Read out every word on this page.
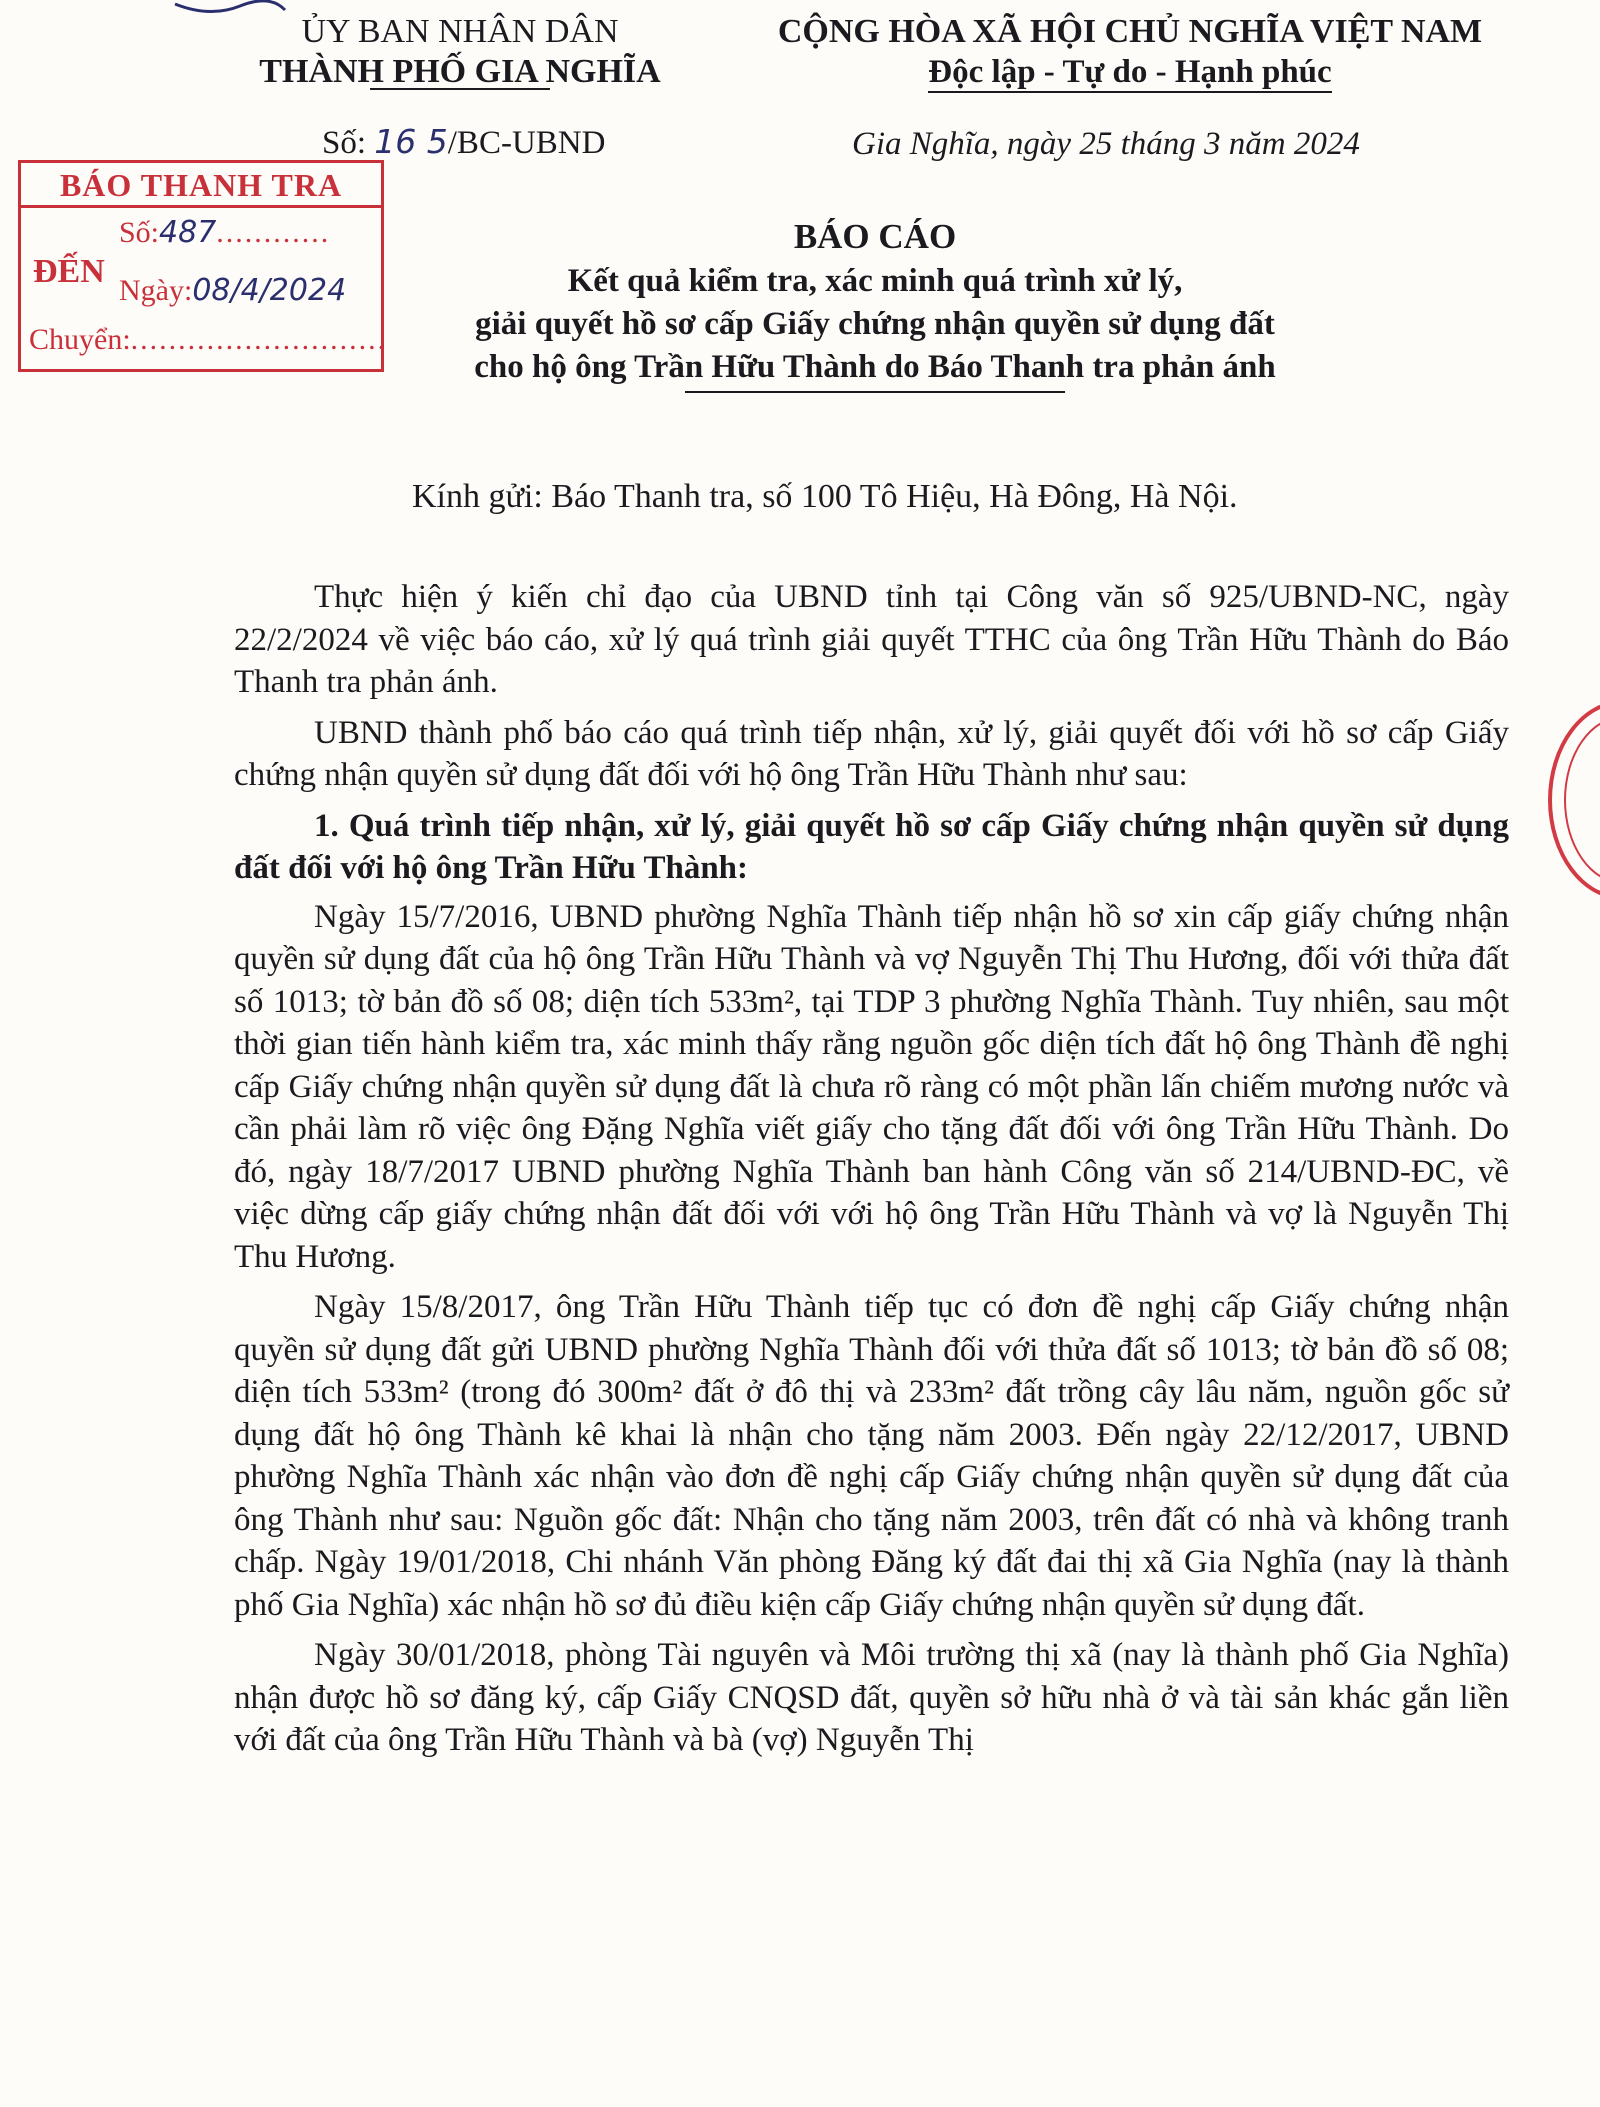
ỦY BAN NHÂN DÂN
THÀNH PHỐ GIA NGHĨA
CỘNG HÒA XÃ HỘI CHỦ NGHĨA VIỆT NAM
Độc lập - Tự do - Hạnh phúc
Số: 16 5/BC-UBND	Gia Nghĩa, ngày 25 tháng 3 năm 2024
BÁO THANH TRA
ĐẾN
Số:487............
Ngày:08/4/2024
Chuyển:...........................
BÁO CÁO
Kết quả kiểm tra, xác minh quá trình xử lý,
giải quyết hồ sơ cấp Giấy chứng nhận quyền sử dụng đất
cho hộ ông Trần Hữu Thành do Báo Thanh tra phản ánh
Kính gửi: Báo Thanh tra, số 100 Tô Hiệu, Hà Đông, Hà Nội.

Thực hiện ý kiến chỉ đạo của UBND tỉnh tại Công văn số 925/UBND-NC, ngày 22/2/2024 về việc báo cáo, xử lý quá trình giải quyết TTHC của ông Trần Hữu Thành do Báo Thanh tra phản ánh.

UBND thành phố báo cáo quá trình tiếp nhận, xử lý, giải quyết đối với hồ sơ cấp Giấy chứng nhận quyền sử dụng đất đối với hộ ông Trần Hữu Thành như sau:

1. Quá trình tiếp nhận, xử lý, giải quyết hồ sơ cấp Giấy chứng nhận quyền sử dụng đất đối với hộ ông Trần Hữu Thành:

Ngày 15/7/2016, UBND phường Nghĩa Thành tiếp nhận hồ sơ xin cấp giấy chứng nhận quyền sử dụng đất của hộ ông Trần Hữu Thành và vợ Nguyễn Thị Thu Hương, đối với thửa đất số 1013; tờ bản đồ số 08; diện tích 533m², tại TDP 3 phường Nghĩa Thành. Tuy nhiên, sau một thời gian tiến hành kiểm tra, xác minh thấy rằng nguồn gốc diện tích đất hộ ông Thành đề nghị cấp Giấy chứng nhận quyền sử dụng đất là chưa rõ ràng có một phần lấn chiếm mương nước và cần phải làm rõ việc ông Đặng Nghĩa viết giấy cho tặng đất đối với ông Trần Hữu Thành. Do đó, ngày 18/7/2017 UBND phường Nghĩa Thành ban hành Công văn số 214/UBND-ĐC, về việc dừng cấp giấy chứng nhận đất đối với với hộ ông Trần Hữu Thành và vợ là Nguyễn Thị Thu Hương.

Ngày 15/8/2017, ông Trần Hữu Thành tiếp tục có đơn đề nghị cấp Giấy chứng nhận quyền sử dụng đất gửi UBND phường Nghĩa Thành đối với thửa đất số 1013; tờ bản đồ số 08; diện tích 533m² (trong đó 300m² đất ở đô thị và 233m² đất trồng cây lâu năm, nguồn gốc sử dụng đất hộ ông Thành kê khai là nhận cho tặng năm 2003. Đến ngày 22/12/2017, UBND phường Nghĩa Thành xác nhận vào đơn đề nghị cấp Giấy chứng nhận quyền sử dụng đất của ông Thành như sau: Nguồn gốc đất: Nhận cho tặng năm 2003, trên đất có nhà và không tranh chấp. Ngày 19/01/2018, Chi nhánh Văn phòng Đăng ký đất đai thị xã Gia Nghĩa (nay là thành phố Gia Nghĩa) xác nhận hồ sơ đủ điều kiện cấp Giấy chứng nhận quyền sử dụng đất.

Ngày 30/01/2018, phòng Tài nguyên và Môi trường thị xã (nay là thành phố Gia Nghĩa) nhận được hồ sơ đăng ký, cấp Giấy CNQSD đất, quyền sở hữu nhà ở và tài sản khác gắn liền với đất của ông Trần Hữu Thành và bà (vợ) Nguyễn Thị
